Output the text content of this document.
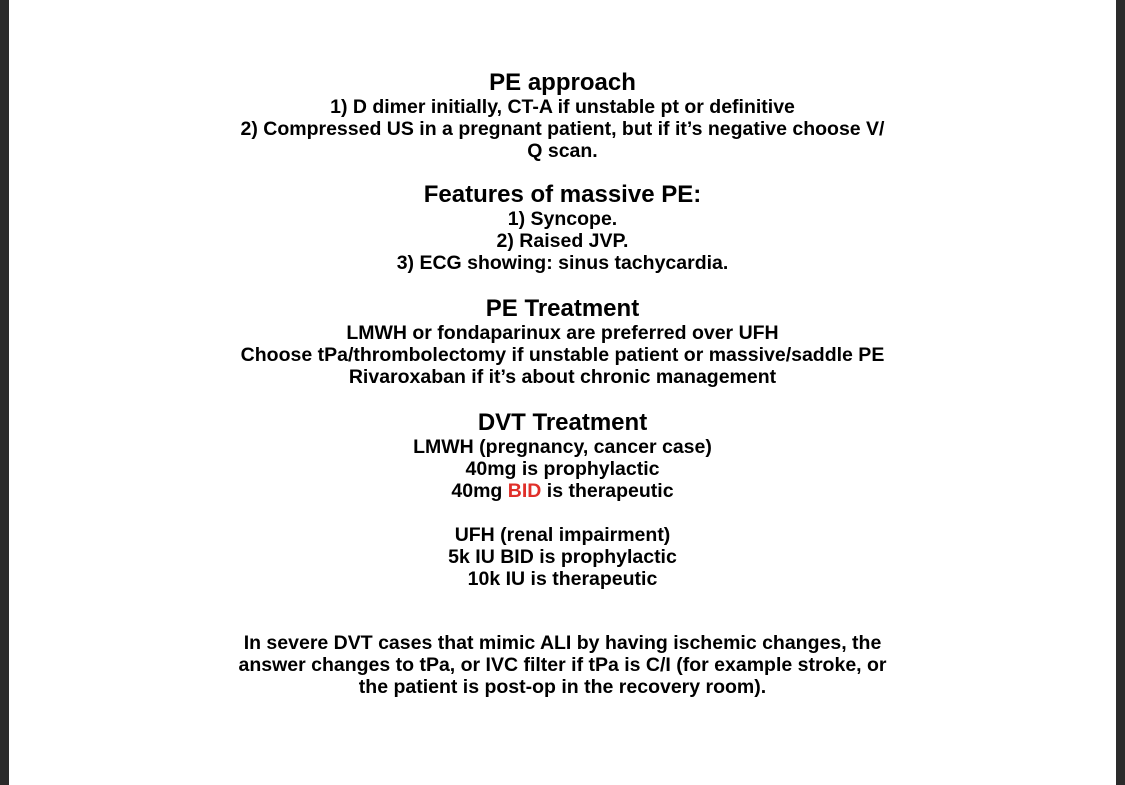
PE approach
1) D dimer initially, CT-A if unstable pt or definitive
2) Compressed US in a pregnant patient, but if it’s negative choose V/
Q scan.
Features of massive PE:
1) Syncope.
2) Raised JVP.
3) ECG showing: sinus tachycardia.
PE Treatment
LMWH or fondaparinux are preferred over UFH
Choose tPa/thrombolectomy if unstable patient or massive/saddle PE
Rivaroxaban if it’s about chronic management
DVT Treatment
LMWH (pregnancy, cancer case)
40mg is prophylactic
40mg BID is therapeutic
UFH (renal impairment)
5k IU BID is prophylactic
10k IU is therapeutic
In severe DVT cases that mimic ALI by having ischemic changes, the
answer changes to tPa, or IVC filter if tPa is C/I (for example stroke, or
the patient is post-op in the recovery room).
